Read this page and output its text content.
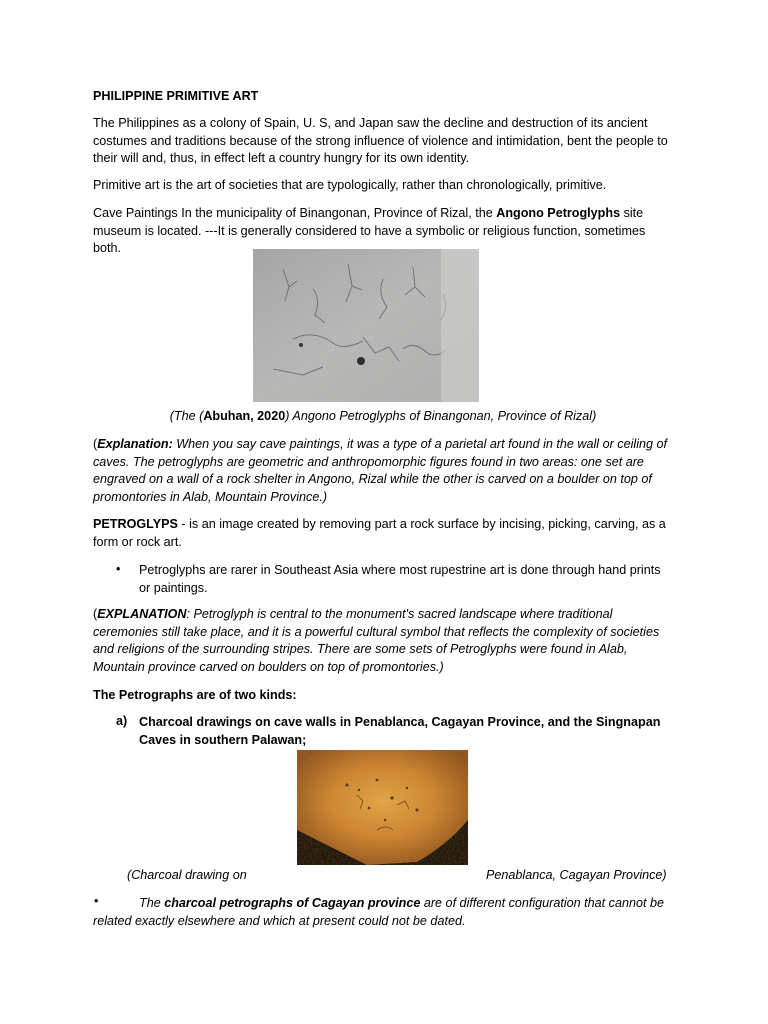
PHILIPPINE PRIMITIVE ART

The Philippines as a colony of Spain, U. S, and Japan saw the decline and destruction of its ancient costumes and traditions because of the strong influence of violence and intimidation, bent the people to their will and, thus, in effect left a country hungry for its own identity.

Primitive art is the art of societies that are typologically, rather than chronologically, primitive.

Cave Paintings In the municipality of Binangonan, Province of Rizal, the Angono Petroglyphs site museum is located. ---It is generally considered to have a symbolic or religious function, sometimes both.

(The (Abuhan, 2020) Angono Petroglyphs of Binangonan, Province of Rizal)

(Explanation: When you say cave paintings, it was a type of a parietal art found in the wall or ceiling of caves. The petroglyphs are geometric and anthropomorphic figures found in two areas: one set are engraved on a wall of a rock shelter in Angono, Rizal while the other is carved on a boulder on top of promontories in Alab, Mountain Province.)

PETROGLYPS - is an image created by removing part a rock surface by incising, picking, carving, as a form or rock art.

• Petroglyphs are rarer in Southeast Asia where most rupestrine art is done through hand prints or paintings.

(EXPLANATION: Petroglyph is central to the monument's sacred landscape where traditional ceremonies still take place, and it is a powerful cultural symbol that reflects the complexity of societies and religions of the surrounding stripes. There are some sets of Petroglyphs were found in Alab, Mountain province carved on boulders on top of promontories.)

The Petrographs are of two kinds:

a) Charcoal drawings on cave walls in Penablanca, Cagayan Province, and the Singnapan Caves in southern Palawan;

(Charcoal drawing on	Penablanca, Cagayan Province)
•	The charcoal petrographs of Cagayan province are of different configuration that cannot be related exactly elsewhere and which at present could not be dated.
